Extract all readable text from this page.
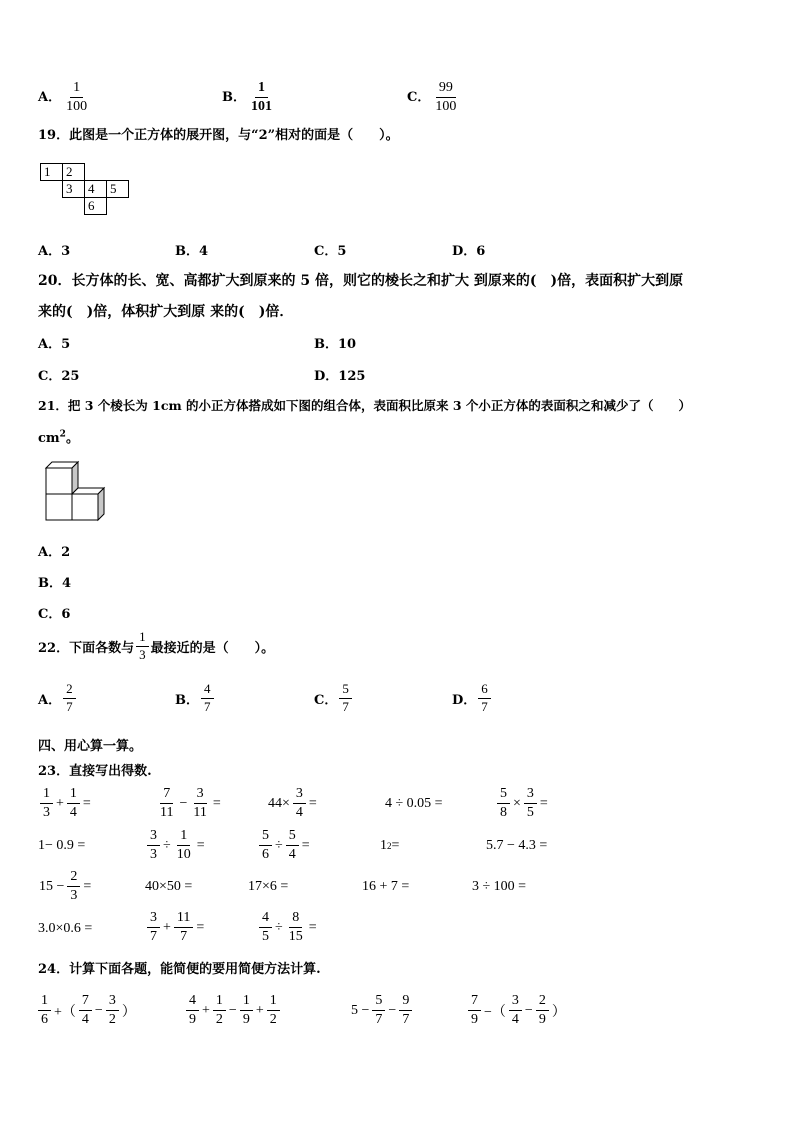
A． $\frac{1}{100}$	B． $\frac{1}{101}$	C． $\frac{99}{100}$
19．此图是一个正方体的展开图，与“2”相对的面是（　　）。
1	2		
	3	4	5
		6	
A．3	B．4	C．5	D．6
20．长方体的长、宽、高都扩大到原来的 5 倍，则它的棱长之和扩大 到原来的(　)倍，表面积扩大到原
来的(　)倍，体积扩大到原 来的(　)倍．
A．5	B．10
C．25	D．125
21．把 3 个棱长为 1cm 的小正方体搭成如下图的组合体，表面积比原来 3 个小正方体的表面积之和减少了（　　）
$cm^2$。
A．2
B．4
C．6
22．下面各数与 $\frac{1}{3}$ 最接近的是（　　）。
A． $\frac{2}{7}$	B． $\frac{4}{7}$	C． $\frac{5}{7}$	D． $\frac{6}{7}$
四、用心算一算。
23．直接写出得数.
$\frac{1}{3} + \frac{1}{4}$ =	$\frac{7}{11} - \frac{3}{11}$ =	$44\times \frac{3}{4}$ =	4 ÷ 0.05 =	$\frac{5}{8} \times \frac{3}{5}$ =
1− 0.9 =	$\frac{3}{3} \div \frac{1}{10}$ =	$\frac{5}{6} \div \frac{5}{4}$ =	1 2 =	5.7 − 4.3 =
$15 - \frac{2}{3}$ =	40×50 =	17×6 =	16 + 7 =	3 ÷ 100 =
3.0×0.6 =	$\frac{3}{7} + \frac{11}{7}$ =	$\frac{4}{5} \div \frac{8}{15}$ =
24．计算下面各题，能简便的要用简便方法计算.
$\frac{1}{6}$ +（ $\frac{7}{4} - \frac{3}{2}$ ）	$\frac{4}{9} + \frac{1}{2} - \frac{1}{9} + \frac{1}{2}$	$5 - \frac{5}{7} - \frac{9}{7}$	$\frac{7}{9}$ −（ $\frac{3}{4} - \frac{2}{9}$ ）
